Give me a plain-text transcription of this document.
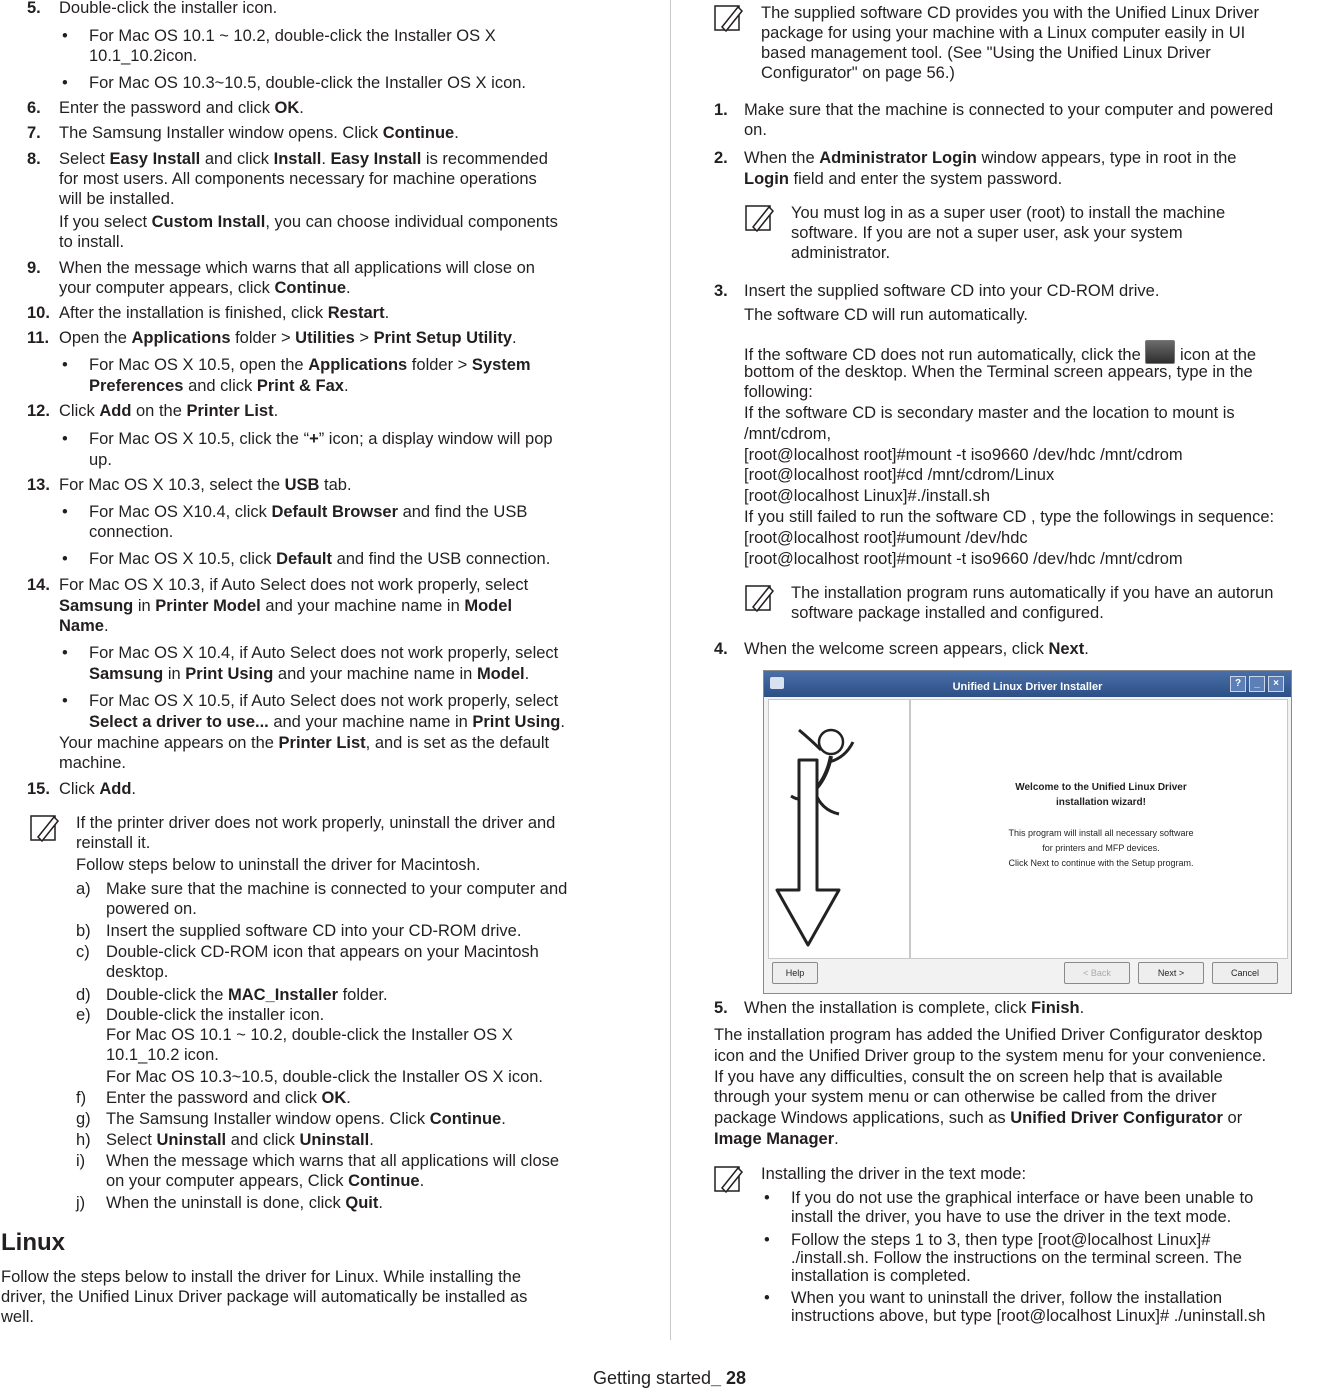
5. Double-click the installer icon.
• For Mac OS 10.1 ~ 10.2, double-click the Installer OS X
10.1_10.2icon.
• For Mac OS 10.3~10.5, double-click the Installer OS X icon.
6. Enter the password and click OK.
7. The Samsung Installer window opens. Click Continue.
8. Select Easy Install and click Install. Easy Install is recommended
for most users. All components necessary for machine operations
will be installed.
If you select Custom Install, you can choose individual components
to install.
9. When the message which warns that all applications will close on
your computer appears, click Continue.
10. After the installation is finished, click Restart.
11. Open the Applications folder > Utilities > Print Setup Utility.
• For Mac OS X 10.5, open the Applications folder > System
Preferences and click Print & Fax.
12. Click Add on the Printer List.
• For Mac OS X 10.5, click the “+” icon; a display window will pop
up.
13. For Mac OS X 10.3, select the USB tab.
• For Mac OS X10.4, click Default Browser and find the USB
connection.
• For Mac OS X 10.5, click Default and find the USB connection.
14. For Mac OS X 10.3, if Auto Select does not work properly, select
Samsung in Printer Model and your machine name in Model
Name.
• For Mac OS X 10.4, if Auto Select does not work properly, select
Samsung in Print Using and your machine name in Model.
• For Mac OS X 10.5, if Auto Select does not work properly, select
Select a driver to use... and your machine name in Print Using.
Your machine appears on the Printer List, and is set as the default
machine.
15. Click Add.
If the printer driver does not work properly, uninstall the driver and
reinstall it.
Follow steps below to uninstall the driver for Macintosh.
a) Make sure that the machine is connected to your computer and
powered on.
b) Insert the supplied software CD into your CD-ROM drive.
c) Double-click CD-ROM icon that appears on your Macintosh
desktop.
d) Double-click the MAC_Installer folder.
e) Double-click the installer icon.
For Mac OS 10.1 ~ 10.2, double-click the Installer OS X
10.1_10.2 icon.
For Mac OS 10.3~10.5, double-click the Installer OS X icon.
f) Enter the password and click OK.
g) The Samsung Installer window opens. Click Continue.
h) Select Uninstall and click Uninstall.
i) When the message which warns that all applications will close
on your computer appears, Click Continue.
j) When the uninstall is done, click Quit.
Linux
Follow the steps below to install the driver for Linux. While installing the
driver, the Unified Linux Driver package will automatically be installed as
well.
The supplied software CD provides you with the Unified Linux Driver
package for using your machine with a Linux computer easily in UI
based management tool. (See "Using the Unified Linux Driver
Configurator" on page 56.)
1. Make sure that the machine is connected to your computer and powered
on.
2. When the Administrator Login window appears, type in root in the
Login field and enter the system password.
You must log in as a super user (root) to install the machine
software. If you are not a super user, ask your system
administrator.
3. Insert the supplied software CD into your CD-ROM drive.
The software CD will run automatically.
If the software CD does not run automatically, click the  icon at the
bottom of the desktop. When the Terminal screen appears, type in the
following:
If the software CD is secondary master and the location to mount is
/mnt/cdrom,
[root@localhost root]#mount -t iso9660 /dev/hdc /mnt/cdrom
[root@localhost root]#cd /mnt/cdrom/Linux
[root@localhost Linux]#./install.sh
If you still failed to run the software CD , type the followings in sequence:
[root@localhost root]#umount /dev/hdc
[root@localhost root]#mount -t iso9660 /dev/hdc /mnt/cdrom
The installation program runs automatically if you have an autorun
software package installed and configured.
4. When the welcome screen appears, click Next.
Unified Linux Driver Installer	?	_	×
Welcome to the Unified Linux Driver
installation wizard!
This program will install all necessary software
for printers and MFP devices.
Click Next to continue with the Setup program.
Help	< Back	Next >	Cancel
5. When the installation is complete, click Finish.
The installation program has added the Unified Driver Configurator desktop
icon and the Unified Driver group to the system menu for your convenience.
If you have any difficulties, consult the on screen help that is available
through your system menu or can otherwise be called from the driver
package Windows applications, such as Unified Driver Configurator or
Image Manager.
Installing the driver in the text mode:
• If you do not use the graphical interface or have been unable to
install the driver, you have to use the driver in the text mode.
• Follow the steps 1 to 3, then type [root@localhost Linux]#
./install.sh. Follow the instructions on the terminal screen. The
installation is completed.
• When you want to uninstall the driver, follow the installation
instructions above, but type [root@localhost Linux]# ./uninstall.sh
Getting started_ 28
